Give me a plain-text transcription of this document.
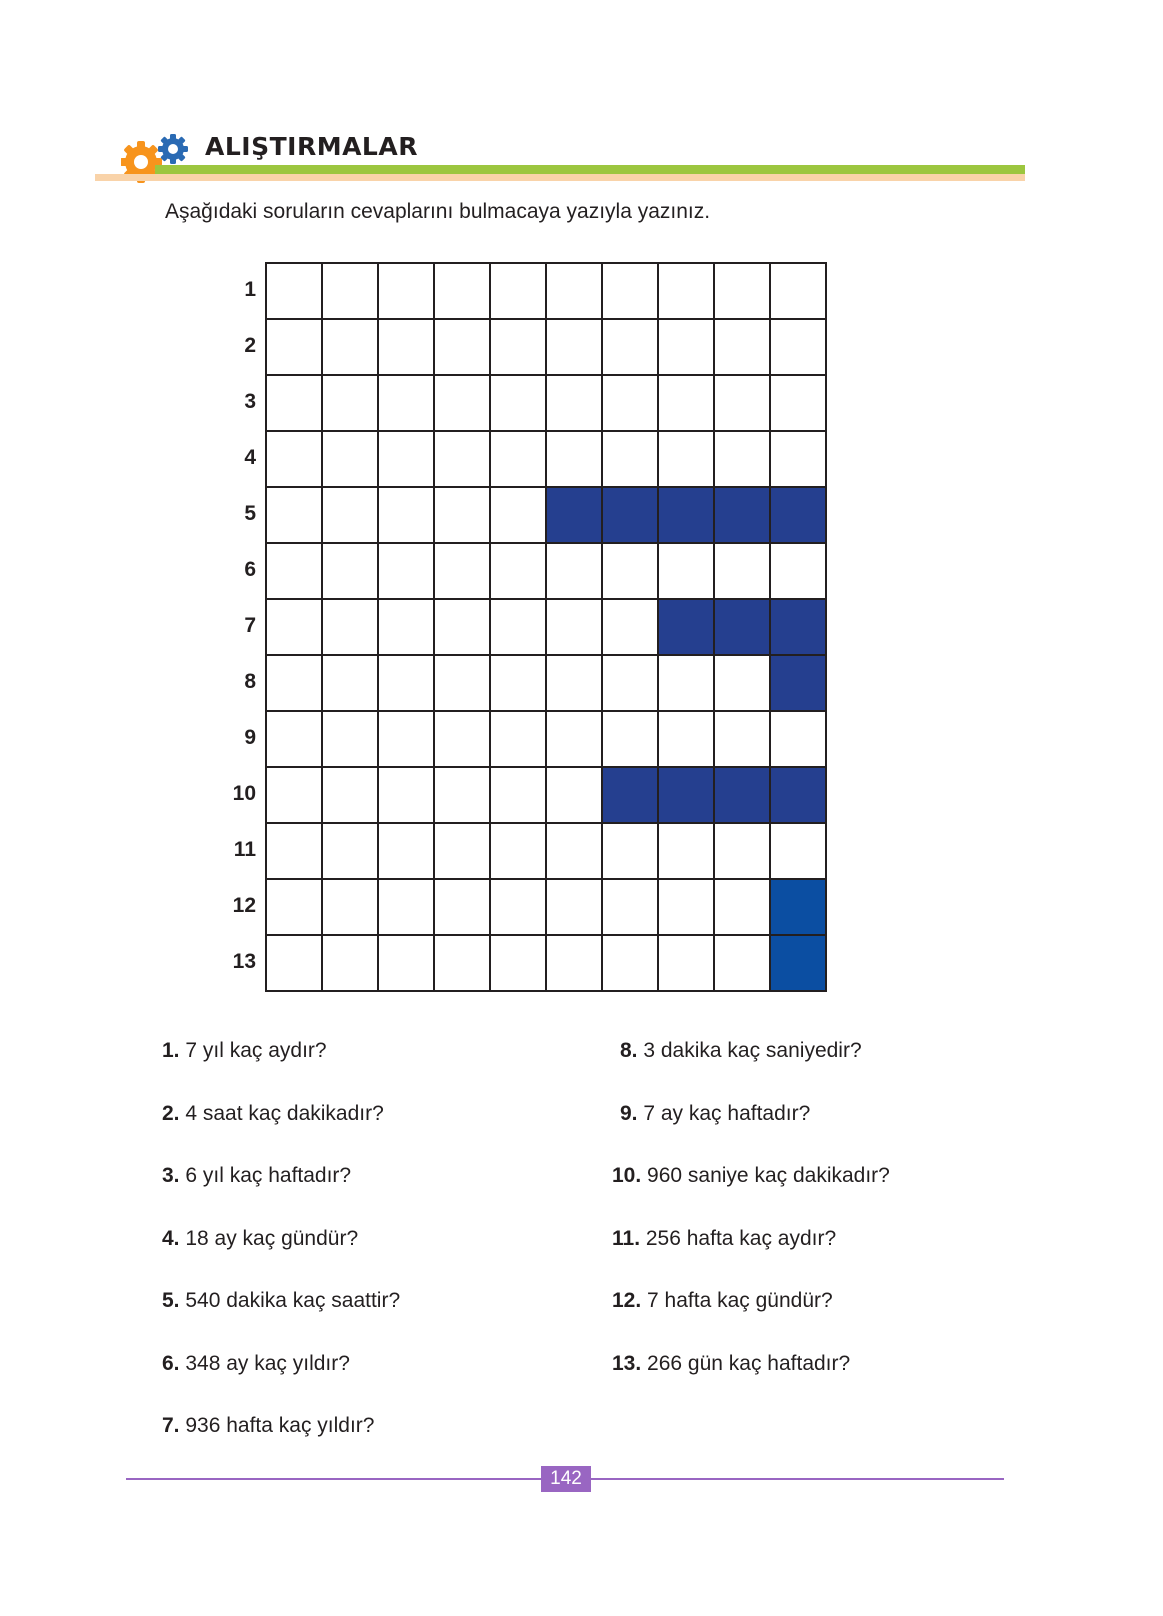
ALIŞTIRMALAR
Aşağıdaki soruların cevaplarını bulmacaya yazıyla yazınız.
1
2
3
4
5
6
7
8
9
10
11
12
13
1. 7 yıl kaç aydır?
2. 4 saat kaç dakikadır?
3. 6 yıl kaç haftadır?
4. 18 ay kaç gündür?
5. 540 dakika kaç saattir?
6. 348 ay kaç yıldır?
7. 936 hafta kaç yıldır?
8. 3 dakika kaç saniyedir?
9. 7 ay kaç haftadır?
10. 960 saniye kaç dakikadır?
11. 256 hafta kaç aydır?
12. 7 hafta kaç gündür?
13. 266 gün kaç haftadır?
142
